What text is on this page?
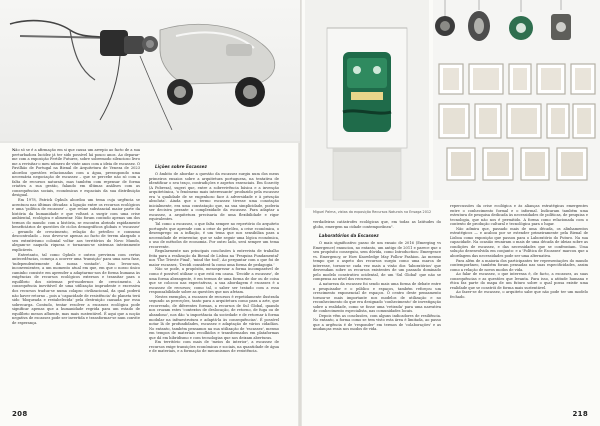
Miguel Palma, vistas da exposição Recursos Naturais na Ensaga 2012

Não só se é a afirmação em si que causa um arrepio ao facto de a sua perturbadora lucidez já ter sido possível há pouco anos. Ao deparar-me com a exposição Fertile Futures, sobre sobremodo silencioso livro me a revisitar o meu número de vinte anos com a ideia de escassez. O Pavilhão de Portugal na Bienal de Arquitetura de Veneza de 2023 abordou questões relacionadas com a água, pressupondo uma necessária negociação de escassez – que se percebe não só com a falta de recursos naturais, mas também com repensar de forma criativa a sua gestão, falando em últimas análises com as consequências sociais, económicas e espaciais da sua distribuição desigual.

Em 1978, Patrick Ophuls abordou um tema cuja urgência se acentuou nas últimas décadas: a ligação entre os recursos ecológicos e uma 'política de escassez' – que reúne substancial maior parte da história da humanidade e que voltará a surgir com uma crise ambiental, ecológica e alimentar. Não foram contudo apenas um dos termos do mundo: com a história, se encontra abrindo rapidamente beneficiários de questões de ciclos demográficos globais e 'escassez' – gerando de crescimento, relação do petróleo e consumo descontrolado – isso deveu-se apenas ao facto de terem alargado o seu extrativismo colonial voltar aos territórios do Novo Mundo, alegam-se naquela riqueza e tornaram-se sistemas inteiramente explicáveis.

Entretanto, tal como Ophuls e outros previram com certas antecedências, começa a ocorrer uma 'transição' para uma nova fase, 'independentemente da nossa vontade'. Isso levou-nos, inconvenientes, a um momento atual em que, em que o nosso único caminho consiste em aprender a adaptarmo-nos de forma humana às exigências de recursos ecológicos externos e transitar para o equilíbrio dos sistemas pré-modernos de crescimento. A consequência inevitável de uma utilização imprudente e excessiva dos recursos traduz-se numa colapso civilizacional, da qual poderá não haver retorno – pois a 'capacidade de resistência' do planeta terá sido 'bloqueada e restabelecida' pela destruição causada por essa sobrecarga. Contudo, tentar resolver a escassez ecológica pode significar apenas que a humanidade regrida para um estado de equilíbrio menos afluente, mas mais sustentável. É aqui que a noção negativa de escassez pode ser invertida e transformar-se num convite de esperança.

Lições sobre Escassez

O âmbito de abordar a questão da escassez surgiu num dos meus primeiros ensaios sobre a arquitetura portuguesa, na tentativa de identificar o seu traço, contradições e aspetos essenciais. Em Scarcity (A Pobreza), sugeri que, entre a sobrevivência básica e a invenção arquitetónica, 'o fenómeno mais interessante' produzido pela escassez era 'a qualidade de se engenhoso face à adversidade e à privação absoluta'. Ainda que o termo escassez tivesse uma conotação inicialmente, era uma constatação que, na sua simplicidade, poderia ser decisiva perante a complexidade da escassez. Para adaptar a escassez, a arquitetura precisaria de uma flexibilidade e rigor equivalentes.

Tal como a escassez, o que falta sempre no repertório do arquiteto português que aprende com a crise do petróleo, a crise económica, o desemprego ou a inflação, é um tema que nos sensibiliza para a necessidade de reinventar, que se sabe seguir uma lógica económica, o uso de métodos de economia. Por outro lado, será sempre um tema recorrente.

Regularmente nas principais conclusões à entrevista de trabalho feita para a realização da Bienal de Lisboa na 'Pesquisa Fundamental' nos 'The Trieste Final', 'mind the tool', Ao perguntar com o que foi de maior escassez, 'Decidi considerá-la como uma forma de pedagogia.'

Não se pode, a propósito, menosprezar a forma incomparável de como é possível utilizar o que está em causa. 'Decidir a escassez', de uma forma abrangente, é em termos de uma forma de dor ou de coisa que se colocou nas expectativas, a sua abordagem é escassez é a escassez de recursos; como tal, o saber ser tratado com a essa responsabilidade sobre as questões que nos afetam.

Nestes exemplos, a escassez de recursos é repetidamente ilustrada segundo as perceções, tanto para a arquitetura como para a arte, que recorrendo, de diferentes formas, a recursos de Sul Global, quando nos cruzam estes 'contextos de deslocação, de retorno, de fuga ou de abandono', nos dão 'a importância da sociedade e de retornar à forma modular na infraestrutura e adaptá-la às consequências'. É possível notar lá de profundidades, escassez e adaptação de vários cidadãos. No entanto, também pensamos na sua utilização de 'escassez', mesmo em tempos de materiais recolhidos e transformados em plataformas que dá em hibridismo e com tecnologias que nos deixam aberturas.

Em território com mais de 'meios do interior', a escassez de recursos exige transições económicas e sociais, na quantidade de água e de materiais, e a formação de mecanismos de resistência.

verdadeiras catástrofes ecológicas que, em todas as latitudes do globo, emergem na cidade contemporânea".

Laboratórios da Escassez

O mais significativo passo de um ensaio de 2016 (Emerging vs Emergence) enunciou, no entanto, um antigo de 2011 e parece que o seu propósito conseguiu, sem dúvida, como Introduction: Emergence vs. Emergency, or How Knowledge May Follow Fashion. Ao mesmo tempo que o aspeto dos recursos surgiu como uma marca de interesse, tornou-se cada vez mais a visão dos 'laboratórios' que desvendam sobre os recursos existentes de um passado dominado pelo modelo construtivo ocidental, de um 'Sul Global' que não se compensa ao nível dos recursos.

A natureza da escassez foi sendo mais uma forma de debate entre o pesquisador e o público e espaços, também reforçou um crescimento exponencial de espaços. O centro deste pensamento tornou-se mais importante nos modelos de utilização e no reconhecimento do que era designado 'conhecimento' de investigação sobre a realidade, como se fosse uma 'retirada' para uma narrativa de conhecimento especialista, nas comunidades locais.

Depois vêm as conclusões, com alguns indicadores de resiliência. No entanto, a forma como se tem visto esta área é limitada, ao passo que a urgência é de 'responder' em termos de 'colaborações' e as mudanças reais nos modos de vida.

repercussões da crise ecológica e às alianças estratégicas emergentes entre o conhecimento formal e o informal. Indicaram também uma estrutura de pesquisa dedicada às necessidades de políticas, de pesquisa e tecnologia, que não nos é permitido. A forma como relacionada com o contexto de produção cultural e tecnológica para o lugar.

Não admira que, passado mais de uma década, os alinhamentos estratégicos — e acabou por se estender primeiramente pela Bienal de Lisboa como exposição que passou para o Laboratório do Futuro. Na sua capacidade. Na ocasião reuniram o mais de uma década de ideias sobre as condições de escassez, e das necessidades que se confrontam. Uma solução desenvolvida em conjunto: e a 'Política de Escassez' marcou que a abordagem das necessidades pode ser uma alternativa.

Para além de a maioria dos participantes ter representações do mundo contemporâneo, também foram pensadas nas suas especificidades, assim como a relação de novos modos de vida.

Ao falar de escassez, o que interessa é, de facto, a escassez, as suas consequências e as questões que levanta. Para isso, a atitude humana e ética faz parte do mapa de um futuro sobre o qual possa existir uma realidade que se constrói de forma mais sustentável.

Ao fazer-se de escassez, o arquiteto sabe que não pode ter um modelo fechado.

208	218
